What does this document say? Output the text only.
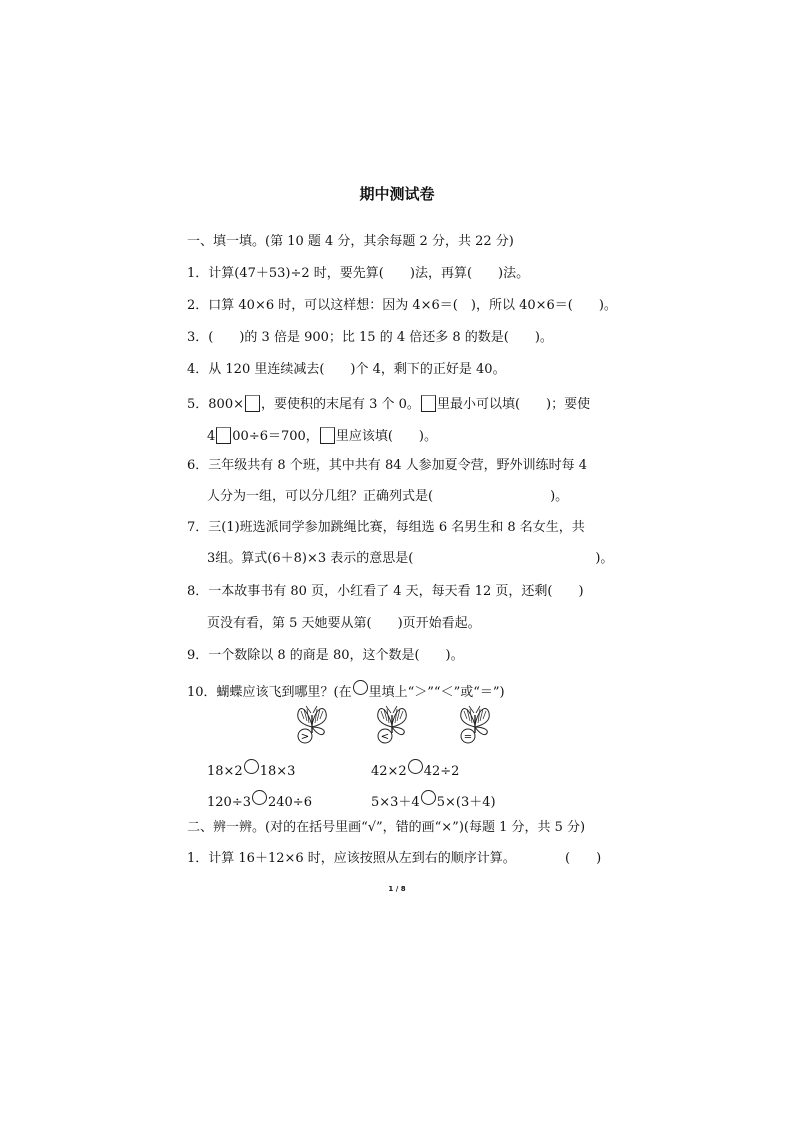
期中测试卷
一、填一填。(第 10 题 4 分，其余每题 2 分，共 22 分)
1．计算(47＋53)÷2 时，要先算(　　)法，再算(　　)法。
2．口算 40×6 时，可以这样想：因为 4×6＝(　)，所以 40×6＝(　　)。
3．(　　)的 3 倍是 900；比 15 的 4 倍还多 8 的数是(　　)。
4．从 120 里连续减去(　　)个 4，剩下的正好是 40。
5．800× ，要使积的末尾有 3 个 0。 里最小可以填(　　)；要使
4 00÷6＝700， 里应该填(　　)。
6．三年级共有 8 个班，其中共有 84 人参加夏令营，野外训练时每 4
人分为一组，可以分几组？正确列式是(　　　　　　　　　)。
7．三(1)班选派同学参加跳绳比赛，每组选 6 名男生和 8 名女生，共
3组。算式(6＋8)×3 表示的意思是(　　　　　　　　　　　　　　)。
8．一本故事书有 80 页，小红看了 4 天，每天看 12 页，还剩(　　)
页没有看，第 5 天她要从第(　　)页开始看起。
9．一个数除以 8 的商是 80，这个数是(　　)。
10．蝴蝶应该飞到哪里？(在 里填上“＞”“＜”或“＝”)
>	<	=
18×2 18×3	42×2 42÷2
120÷3 240÷6	5×3＋4 5×(3＋4)
二、辨一辨。(对的在括号里画“√”，错的画“×”)(每题 1 分，共 5 分)
1．计算 16＋12×6 时，应该按照从左到右的顺序计算。	(　　)
1 / 8
